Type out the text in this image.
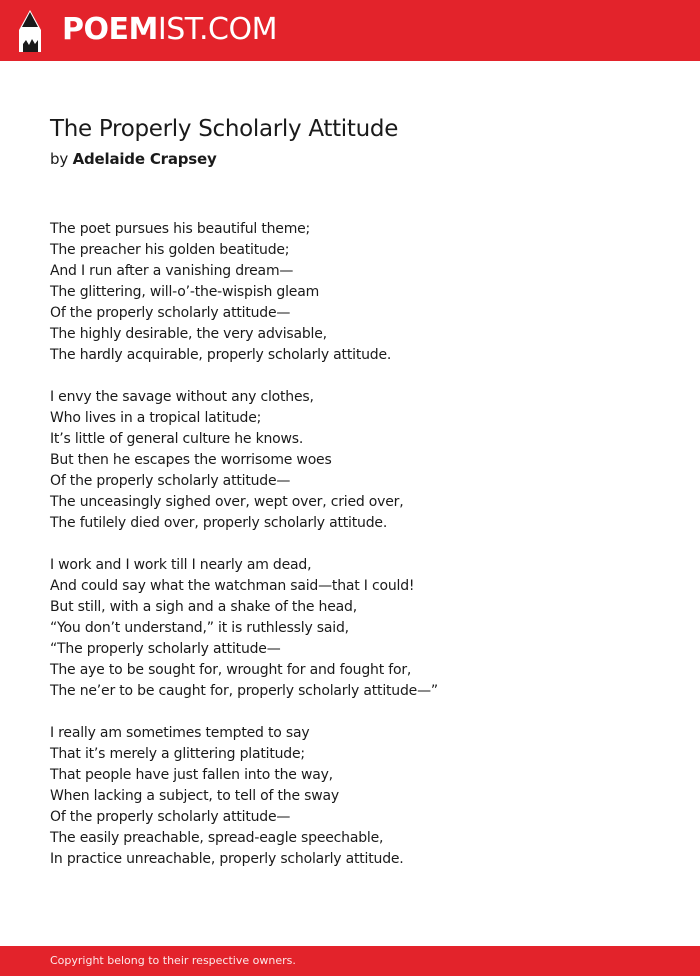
POEMIST.COM
The Properly Scholarly Attitude
by Adelaide Crapsey
The poet pursues his beautiful theme;
The preacher his golden beatitude;
And I run after a vanishing dream—
The glittering, will-o’-the-wispish gleam
Of the properly scholarly attitude—
The highly desirable, the very advisable,
The hardly acquirable, properly scholarly attitude.
I envy the savage without any clothes,
Who lives in a tropical latitude;
It’s little of general culture he knows.
But then he escapes the worrisome woes
Of the properly scholarly attitude—
The unceasingly sighed over, wept over, cried over,
The futilely died over, properly scholarly attitude.
I work and I work till I nearly am dead,
And could say what the watchman said—that I could!
But still, with a sigh and a shake of the head,
“You don’t understand,” it is ruthlessly said,
“The properly scholarly attitude—
The aye to be sought for, wrought for and fought for,
The ne’er to be caught for, properly scholarly attitude—”
I really am sometimes tempted to say
That it’s merely a glittering platitude;
That people have just fallen into the way,
When lacking a subject, to tell of the sway
Of the properly scholarly attitude—
The easily preachable, spread-eagle speechable,
In practice unreachable, properly scholarly attitude.
Copyright belong to their respective owners.
